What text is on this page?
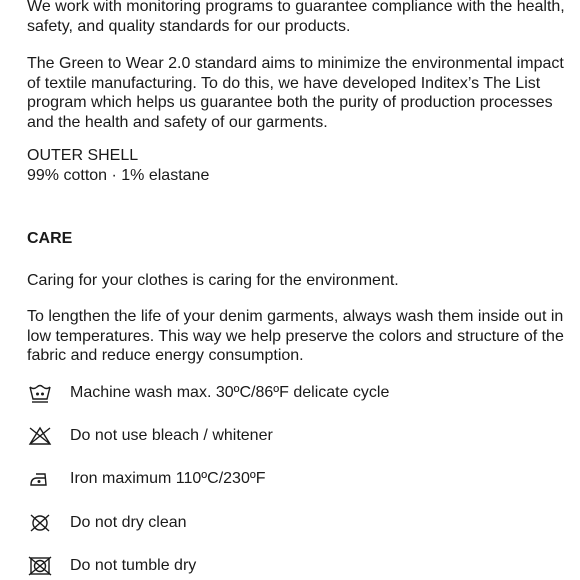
We work with monitoring programs to guarantee compliance with the health, safety, and quality standards for our products.

The Green to Wear 2.0 standard aims to minimize the environmental impact of textile manufacturing. To do this, we have developed Inditex’s The List program which helps us guarantee both the purity of production processes and the health and safety of our garments.

OUTER SHELL
99% cotton · 1% elastane
CARE

Caring for your clothes is caring for the environment.

To lengthen the life of your denim garments, always wash them inside out in low temperatures. This way we help preserve the colors and structure of the fabric and reduce energy consumption.

Machine wash max. 30ºC/86ºF delicate cycle
Do not use bleach / whitener
Iron maximum 110ºC/230ºF
Do not dry clean
Do not tumble dry
